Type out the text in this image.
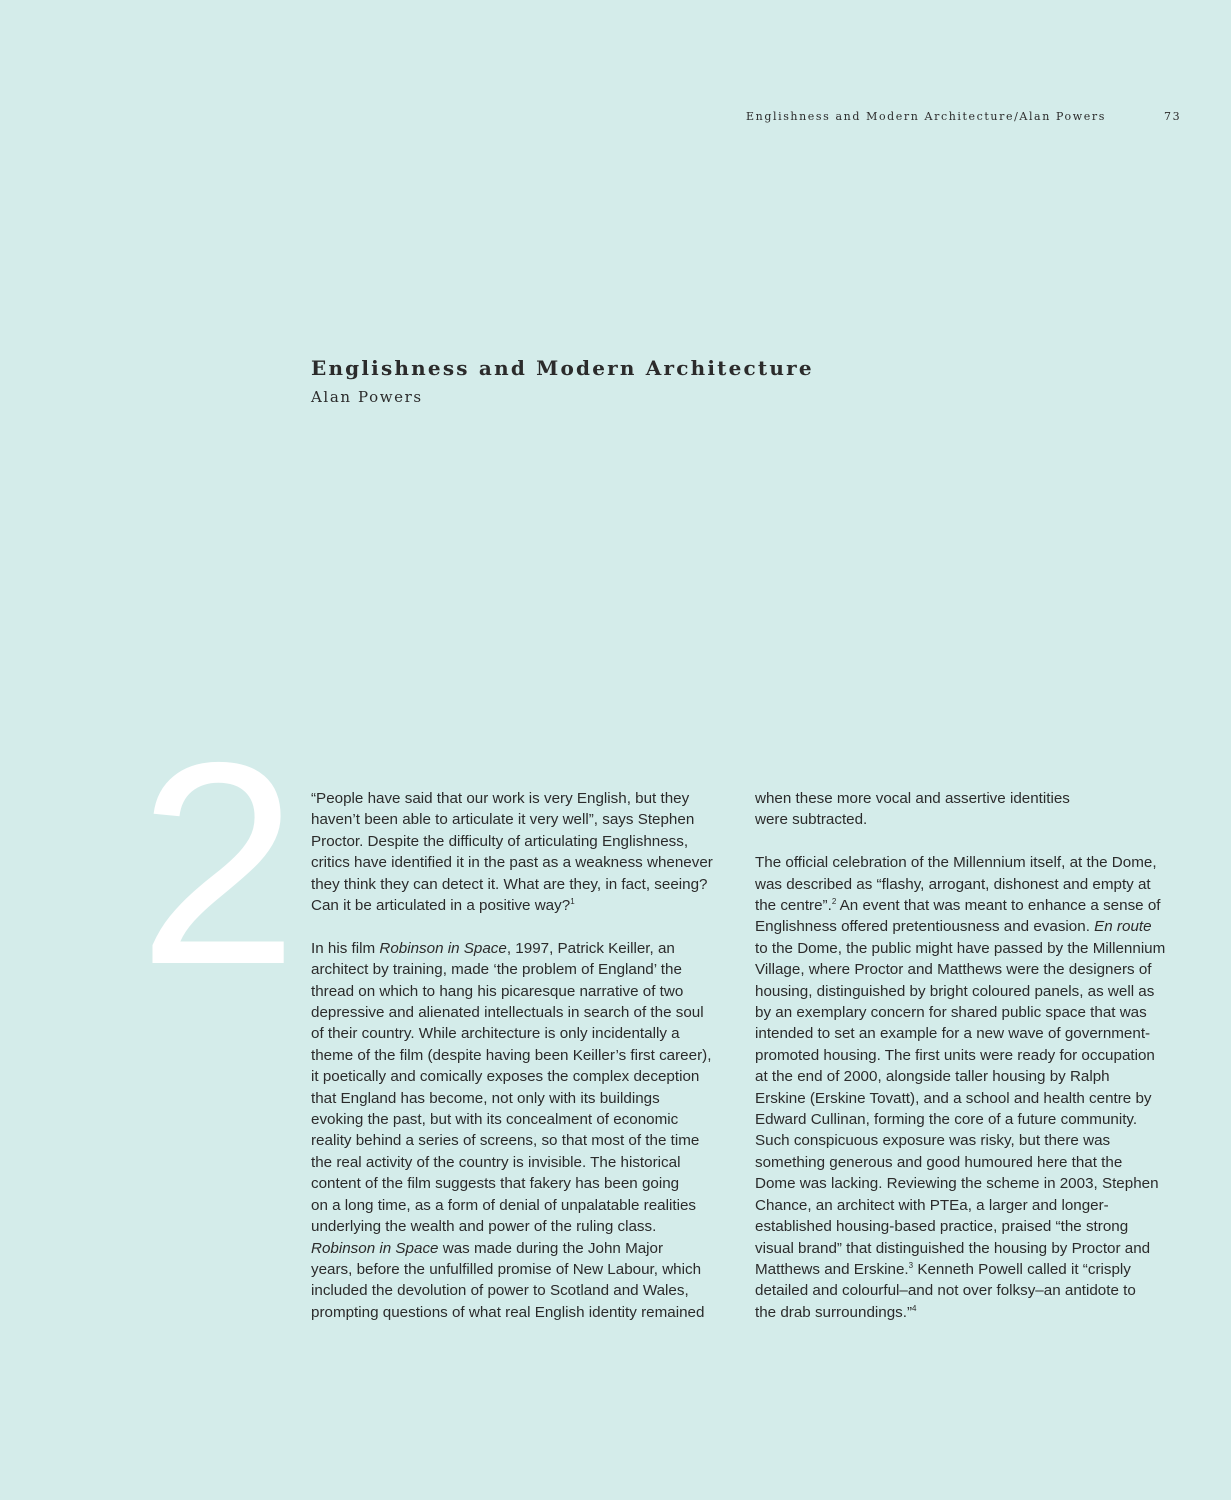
Englishness and Modern Architecture/Alan Powers	73
Englishness and Modern Architecture
Alan Powers
2 “People have said that our work is very English, but they
haven’t been able to articulate it very well”, says Stephen
Proctor. Despite the difficulty of articulating Englishness,
critics have identified it in the past as a weakness whenever
they think they can detect it. What are they, in fact, seeing?
Can it be articulated in a positive way?$^1$

In his film Robinson in Space, 1997, Patrick Keiller, an
architect by training, made ‘the problem of England’ the
thread on which to hang his picaresque narrative of two
depressive and alienated intellectuals in search of the soul
of their country. While architecture is only incidentally a
theme of the film (despite having been Keiller’s first career),
it poetically and comically exposes the complex deception
that England has become, not only with its buildings
evoking the past, but with its concealment of economic
reality behind a series of screens, so that most of the time
the real activity of the country is invisible. The historical
content of the film suggests that fakery has been going
on a long time, as a form of denial of unpalatable realities
underlying the wealth and power of the ruling class.
Robinson in Space was made during the John Major
years, before the unfulfilled promise of New Labour, which
included the devolution of power to Scotland and Wales,
prompting questions of what real English identity remained

when these more vocal and assertive identities
were subtracted.

The official celebration of the Millennium itself, at the Dome,
was described as “flashy, arrogant, dishonest and empty at
the centre”.$^2$ An event that was meant to enhance a sense of
Englishness offered pretentiousness and evasion. En route
to the Dome, the public might have passed by the Millennium
Village, where Proctor and Matthews were the designers of
housing, distinguished by bright coloured panels, as well as
by an exemplary concern for shared public space that was
intended to set an example for a new wave of government-
promoted housing. The first units were ready for occupation
at the end of 2000, alongside taller housing by Ralph
Erskine (Erskine Tovatt), and a school and health centre by
Edward Cullinan, forming the core of a future community.
Such conspicuous exposure was risky, but there was
something generous and good humoured here that the
Dome was lacking. Reviewing the scheme in 2003, Stephen
Chance, an architect with PTEa, a larger and longer-
established housing-based practice, praised “the strong
visual brand” that distinguished the housing by Proctor and
Matthews and Erskine.$^3$ Kenneth Powell called it “crisply
detailed and colourful–and not over folksy–an antidote to
the drab surroundings.”$^4$
